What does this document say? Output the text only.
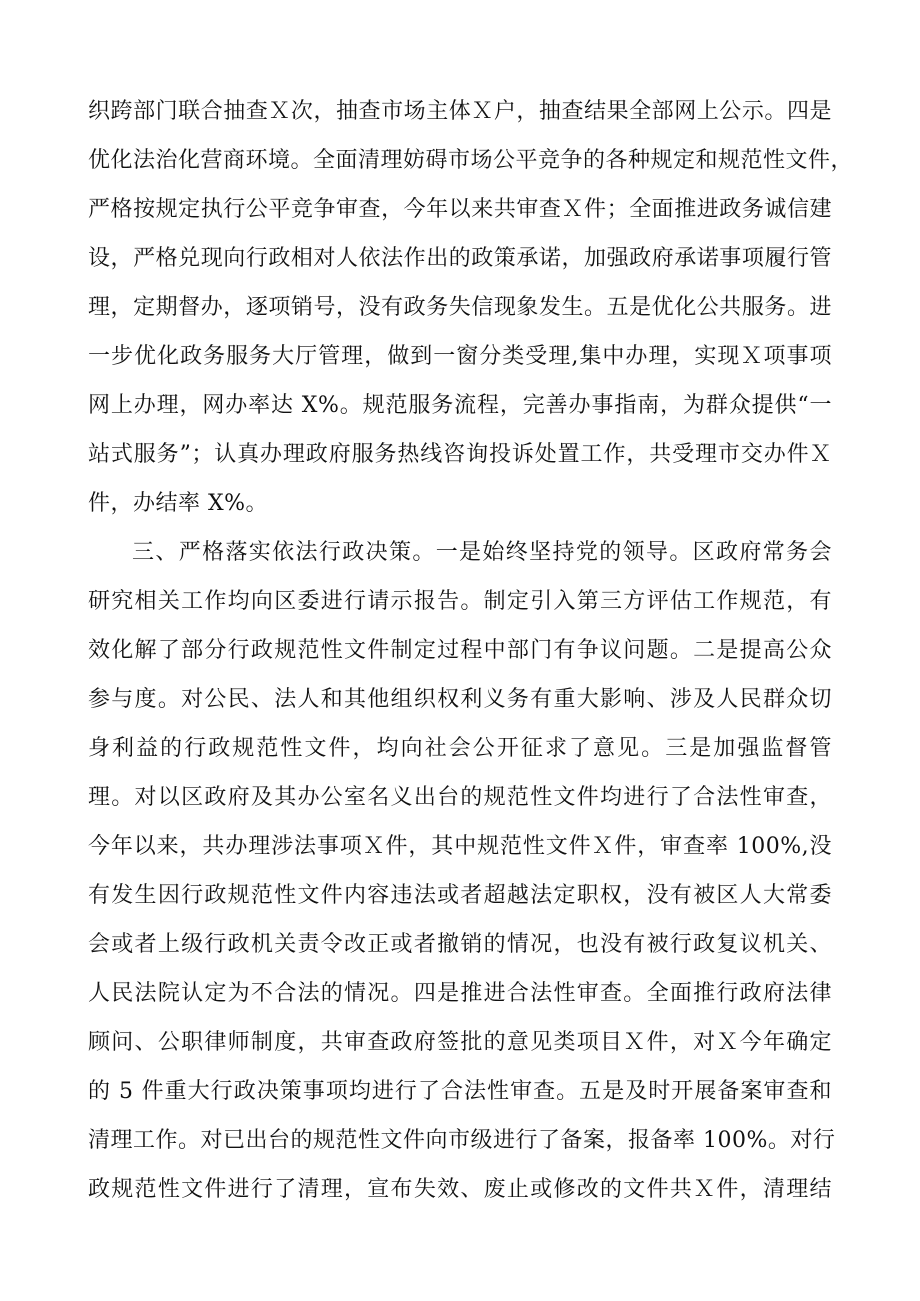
织跨部门联合抽查Ｘ次，抽查市场主体Ｘ户，抽查结果全部网上公示。四是
优化法治化营商环境。全面清理妨碍市场公平竞争的各种规定和规范性文件，
严格按规定执行公平竞争审查，今年以来共审查Ｘ件；全面推进政务诚信建
设，严格兑现向行政相对人依法作出的政策承诺，加强政府承诺事项履行管
理，定期督办，逐项销号，没有政务失信现象发生。五是优化公共服务。进
一步优化政务服务大厅管理，做到一窗分类受理,集中办理，实现Ｘ项事项
网上办理，网办率达 X%。规范服务流程，完善办事指南，为群众提供“一
站式服务”；认真办理政府服务热线咨询投诉处置工作，共受理市交办件Ｘ
件，办结率 X%。
三、严格落实依法行政决策。一是始终坚持党的领导。区政府常务会
研究相关工作均向区委进行请示报告。制定引入第三方评估工作规范，有
效化解了部分行政规范性文件制定过程中部门有争议问题。二是提高公众
参与度。对公民、法人和其他组织权利义务有重大影响、涉及人民群众切
身利益的行政规范性文件，均向社会公开征求了意见。三是加强监督管
理。对以区政府及其办公室名义出台的规范性文件均进行了合法性审查，
今年以来，共办理涉法事项Ｘ件，其中规范性文件Ｘ件，审查率 100%,没
有发生因行政规范性文件内容违法或者超越法定职权，没有被区人大常委
会或者上级行政机关责令改正或者撤销的情况，也没有被行政复议机关、
人民法院认定为不合法的情况。四是推进合法性审查。全面推行政府法律
顾问、公职律师制度，共审查政府签批的意见类项目Ｘ件，对Ｘ今年确定
的 5 件重大行政决策事项均进行了合法性审查。五是及时开展备案审查和
清理工作。对已出台的规范性文件向市级进行了备案，报备率 100%。对行
政规范性文件进行了清理，宣布失效、废止或修改的文件共Ｘ件，清理结
